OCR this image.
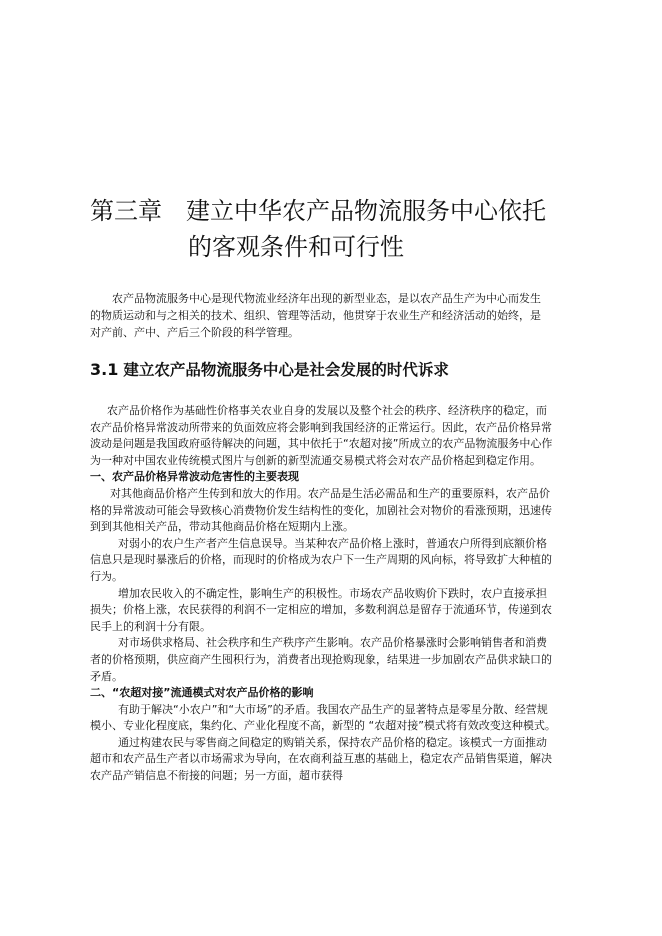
第三章 建立中华农产品物流服务中心依托
的客观条件和可行性

农产品物流服务中心是现代物流业经济年出现的新型业态，是以农产品生产为中心而发生的物质运动和与之相关的技术、组织、管理等活动，他贯穿于农业生产和经济活动的始终，是对产前、产中、产后三个阶段的科学管理。

3.1 建立农产品物流服务中心是社会发展的时代诉求

农产品价格作为基础性价格事关农业自身的发展以及整个社会的秩序、经济秩序的稳定，而农产品价格异常波动所带来的负面效应将会影响到我国经济的正常运行。因此，农产品价格异常波动是问题是我国政府亟待解决的问题，其中依托于“农超对接”所成立的农产品物流服务中心作为一种对中国农业传统模式图片与创新的新型流通交易模式将会对农产品价格起到稳定作用。

一、农产品价格异常波动危害性的主要表现

对其他商品价格产生传到和放大的作用。农产品是生活必需品和生产的重要原料，农产品价格的异常波动可能会导致核心消费物价发生结构性的变化，加剧社会对物价的看涨预期，迅速传到到其他相关产品，带动其他商品价格在短期内上涨。

对弱小的农户生产者产生信息误导。当某种农产品价格上涨时，普通农户所得到底额价格信息只是现时暴涨后的价格，而现时的价格成为农户下一生产周期的风向标，将导致扩大种植的行为。

增加农民收入的不确定性，影响生产的积极性。市场农产品收购价下跌时，农户直接承担损失；价格上涨，农民获得的利润不一定相应的增加，多数利润总是留存于流通环节，传递到农民手上的利润十分有限。

对市场供求格局、社会秩序和生产秩序产生影响。农产品价格暴涨时会影响销售者和消费者的价格预期，供应商产生囤积行为，消费者出现抢购现象，结果进一步加剧农产品供求缺口的矛盾。

二、“农超对接”流通模式对农产品价格的影响

有助于解决“小农户”和“大市场”的矛盾。我国农产品生产的显著特点是零星分散、经营规模小、专业化程度底，集约化、产业化程度不高，新型的 “农超对接”模式将有效改变这种模式。

通过构建农民与零售商之间稳定的购销关系，保持农产品价格的稳定。该模式一方面推动超市和农产品生产者以市场需求为导向，在农商利益互惠的基础上，稳定农产品销售渠道，解决农产品产销信息不衔接的问题；另一方面，超市获得
